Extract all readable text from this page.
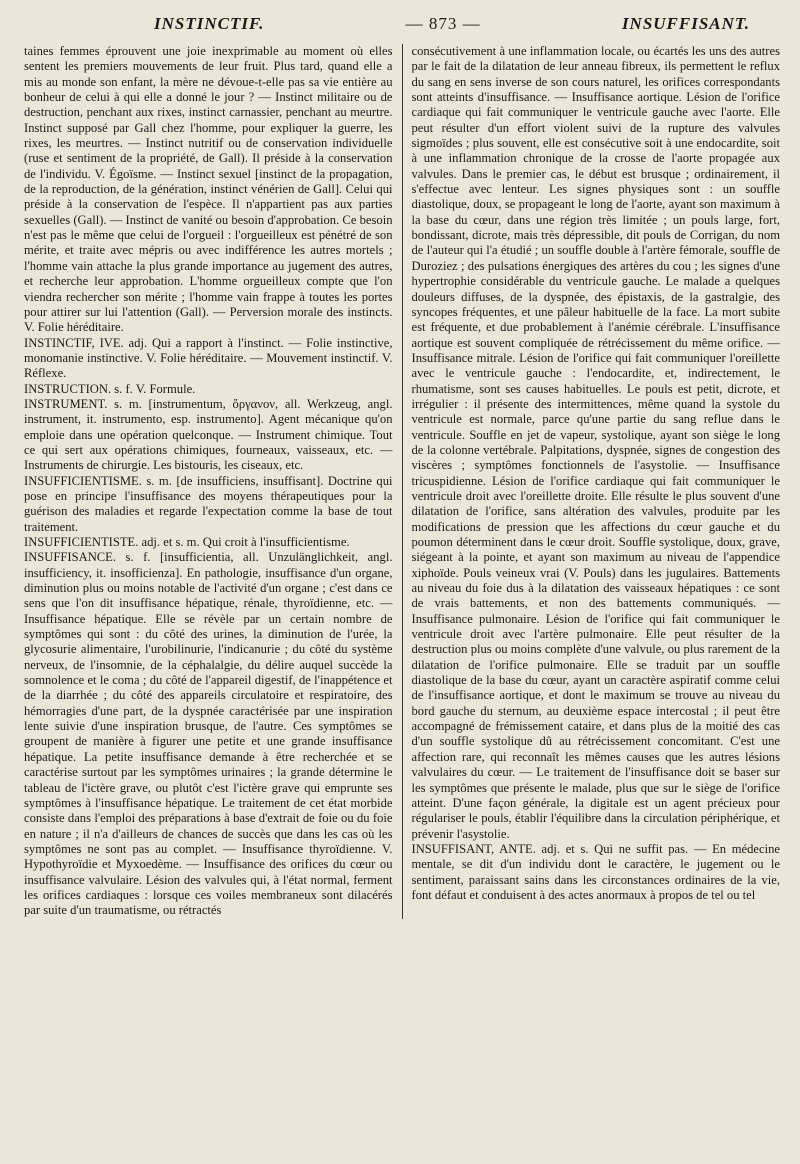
INSTINCTIF.	— 873 —	INSUFFISANT.

taines femmes éprouvent une joie inexprimable au moment où elles sentent les premiers mouvements de leur fruit. Plus tard, quand elle a mis au monde son enfant, la mère ne dévoue-t-elle pas sa vie entière au bonheur de celui à qui elle a donné le jour ? — Instinct militaire ou de destruction, penchant aux rixes, instinct carnassier, penchant au meurtre. Instinct supposé par Gall chez l'homme, pour expliquer la guerre, les rixes, les meurtres. — Instinct nutritif ou de conservation individuelle (ruse et sentiment de la propriété, de Gall). Il préside à la conservation de l'individu. V. Égoïsme. — Instinct sexuel [instinct de la propagation, de la reproduction, de la génération, instinct vénérien de Gall]. Celui qui préside à la conservation de l'espèce. Il n'appartient pas aux parties sexuelles (Gall). — Instinct de vanité ou besoin d'approbation. Ce besoin n'est pas le même que celui de l'orgueil : l'orgueilleux est pénétré de son mérite, et traite avec mépris ou avec indifférence les autres mortels ; l'homme vain attache la plus grande importance au jugement des autres, et recherche leur approbation. L'homme orgueilleux compte que l'on viendra rechercher son mérite ; l'homme vain frappe à toutes les portes pour attirer sur lui l'attention (Gall). — Perversion morale des instincts. V. Folie héréditaire.

INSTINCTIF, IVE. adj. Qui a rapport à l'instinct. — Folie instinctive, monomanie instinctive. V. Folie héréditaire. — Mouvement instinctif. V. Réflexe.

INSTRUCTION. s. f. V. Formule.

INSTRUMENT. s. m. [instrumentum, ὄργανον, all. Werkzeug, angl. instrument, it. instrumento, esp. instrumento]. Agent mécanique qu'on emploie dans une opération quelconque. — Instrument chimique. Tout ce qui sert aux opérations chimiques, fourneaux, vaisseaux, etc. — Instruments de chirurgie. Les bistouris, les ciseaux, etc.

INSUFFICIENTISME. s. m. [de insufficiens, insuffisant]. Doctrine qui pose en principe l'insuffisance des moyens thérapeutiques pour la guérison des maladies et regarde l'expectation comme la base de tout traitement.

INSUFFICIENTISTE. adj. et s. m. Qui croit à l'insufficientisme.

INSUFFISANCE. s. f. [insufficientia, all. Unzulänglichkeit, angl. insufficiency, it. insofficienza]. En pathologie, insuffisance d'un organe, diminution plus ou moins notable de l'activité d'un organe ; c'est dans ce sens que l'on dit insuffisance hépatique, rénale, thyroïdienne, etc. — Insuffisance hépatique. Elle se révèle par un certain nombre de symptômes qui sont : du côté des urines, la diminution de l'urée, la glycosurie alimentaire, l'urobilinurie, l'indicanurie ; du côté du système nerveux, de l'insomnie, de la céphalalgie, du délire auquel succède la somnolence et le coma ; du côté de l'appareil digestif, de l'inappétence et de la diarrhée ; du côté des appareils circulatoire et respiratoire, des hémorragies d'une part, de la dyspnée caractérisée par une inspiration lente suivie d'une inspiration brusque, de l'autre. Ces symptômes se groupent de manière à figurer une petite et une grande insuffisance hépatique. La petite insuffisance demande à être recherchée et se caractérise surtout par les symptômes urinaires ; la grande détermine le tableau de l'ictère grave, ou plutôt c'est l'ictère grave qui emprunte ses symptômes à l'insuffisance hépatique. Le traitement de cet état morbide consiste dans l'emploi des préparations à base d'extrait de foie ou du foie en nature ; il n'a d'ailleurs de chances de succès que dans les cas où les symptômes ne sont pas au complet. — Insuffisance thyroïdienne. V. Hypothyroïdie et Myxoedème. — Insuffisance des orifices du cœur ou insuffisance valvulaire. Lésion des valvules qui, à l'état normal, ferment les orifices cardiaques : lorsque ces voiles membraneux sont dilacérés par suite d'un traumatisme, ou rétractés

consécutivement à une inflammation locale, ou écartés les uns des autres par le fait de la dilatation de leur anneau fibreux, ils permettent le reflux du sang en sens inverse de son cours naturel, les orifices correspondants sont atteints d'insuffisance. — Insuffisance aortique. Lésion de l'orifice cardiaque qui fait communiquer le ventricule gauche avec l'aorte. Elle peut résulter d'un effort violent suivi de la rupture des valvules sigmoïdes ; plus souvent, elle est consécutive soit à une endocardite, soit à une inflammation chronique de la crosse de l'aorte propagée aux valvules. Dans le premier cas, le début est brusque ; ordinairement, il s'effectue avec lenteur. Les signes physiques sont : un souffle diastolique, doux, se propageant le long de l'aorte, ayant son maximum à la base du cœur, dans une région très limitée ; un pouls large, fort, bondissant, dicrote, mais très dépressible, dit pouls de Corrigan, du nom de l'auteur qui l'a étudié ; un souffle double à l'artère fémorale, souffle de Duroziez ; des pulsations énergiques des artères du cou ; les signes d'une hypertrophie considérable du ventricule gauche. Le malade a quelques douleurs diffuses, de la dyspnée, des épistaxis, de la gastralgie, des syncopes fréquentes, et une pâleur habituelle de la face. La mort subite est fréquente, et due probablement à l'anémie cérébrale. L'insuffisance aortique est souvent compliquée de rétrécissement du même orifice. — Insuffisance mitrale. Lésion de l'orifice qui fait communiquer l'oreillette avec le ventricule gauche : l'endocardite, et, indirectement, le rhumatisme, sont ses causes habituelles. Le pouls est petit, dicrote, et irrégulier : il présente des intermittences, même quand la systole du ventricule est normale, parce qu'une partie du sang reflue dans le ventricule. Souffle en jet de vapeur, systolique, ayant son siège le long de la colonne vertébrale. Palpitations, dyspnée, signes de congestion des viscères ; symptômes fonctionnels de l'asystolie. — Insuffisance tricuspidienne. Lésion de l'orifice cardiaque qui fait communiquer le ventricule droit avec l'oreillette droite. Elle résulte le plus souvent d'une dilatation de l'orifice, sans altération des valvules, produite par les modifications de pression que les affections du cœur gauche et du poumon déterminent dans le cœur droit. Souffle systolique, doux, grave, siégeant à la pointe, et ayant son maximum au niveau de l'appendice xiphoïde. Pouls veineux vrai (V. Pouls) dans les jugulaires. Battements au niveau du foie dus à la dilatation des vaisseaux hépatiques : ce sont de vrais battements, et non des battements communiqués. — Insuffisance pulmonaire. Lésion de l'orifice qui fait communiquer le ventricule droit avec l'artère pulmonaire. Elle peut résulter de la destruction plus ou moins complète d'une valvule, ou plus rarement de la dilatation de l'orifice pulmonaire. Elle se traduit par un souffle diastolique de la base du cœur, ayant un caractère aspiratif comme celui de l'insuffisance aortique, et dont le maximum se trouve au niveau du bord gauche du sternum, au deuxième espace intercostal ; il peut être accompagné de frémissement cataire, et dans plus de la moitié des cas d'un souffle systolique dû au rétrécissement concomitant. C'est une affection rare, qui reconnaît les mêmes causes que les autres lésions valvulaires du cœur. — Le traitement de l'insuffisance doit se baser sur les symptômes que présente le malade, plus que sur le siège de l'orifice atteint. D'une façon générale, la digitale est un agent précieux pour régulariser le pouls, établir l'équilibre dans la circulation périphérique, et prévenir l'asystolie.

INSUFFISANT, ANTE. adj. et s. Qui ne suffit pas. — En médecine mentale, se dit d'un individu dont le caractère, le jugement ou le sentiment, paraissant sains dans les circonstances ordinaires de la vie, font défaut et conduisent à des actes anormaux à propos de tel ou tel
